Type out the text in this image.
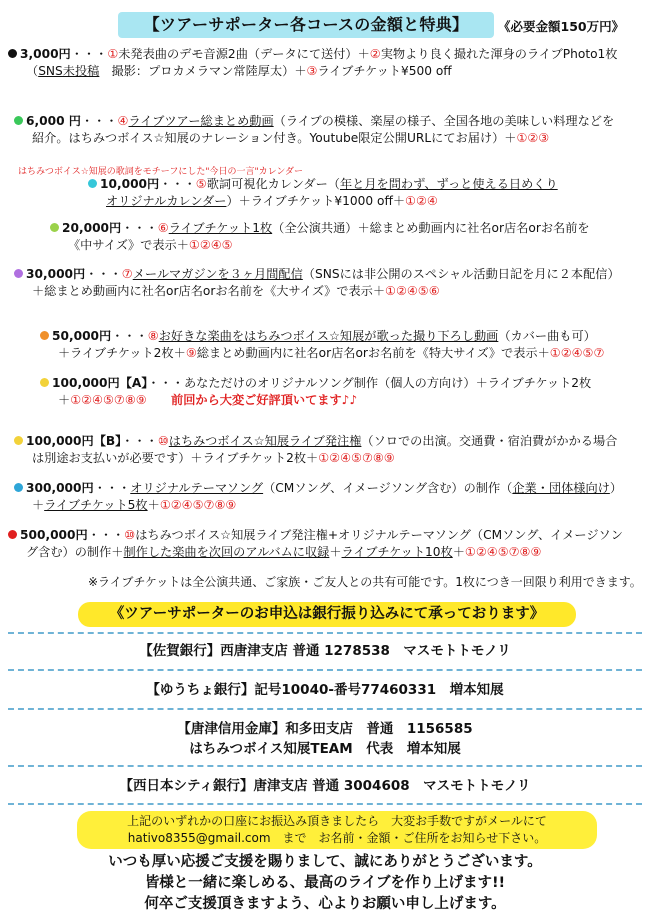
【ツアーサポーター各コースの金額と特典】	《必要金額150万円》
3,000円・・・①未発表曲のデモ音源2曲（データにて送付）＋②実物より良く撮れた渾身のライブPhoto1枚
（SNS未投稿　撮影：プロカメラマン常陸厚太）＋③ライブチケット¥500 off
6,000 円・・・④ライブツアー総まとめ動画（ライブの模様、楽屋の様子、全国各地の美味しい料理などを
紹介。はちみつボイス☆知展のナレーション付き。Youtube限定公開URLにてお届け）＋①②③
はちみつボイス☆知展の歌詞をモチーフにした"今日の一言"カレンダー
10,000円・・・⑤歌詞可視化カレンダー（年と月を問わず、ずっと使える日めくり
オリジナルカレンダー）＋ライブチケット¥1000 off＋①②④
20,000円・・・⑥ライブチケット1枚（全公演共通）＋総まとめ動画内に社名or店名orお名前を
《中サイズ》で表示＋①②④⑤
30,000円・・・⑦メールマガジンを３ヶ月間配信（SNSには非公開のスペシャル活動日記を月に２本配信）
＋総まとめ動画内に社名or店名orお名前を《大サイズ》で表示＋①②④⑤⑥
50,000円・・・⑧お好きな楽曲をはちみつボイス☆知展が歌った撮り下ろし動画（カバー曲も可）
＋ライブチケット2枚＋⑨総まとめ動画内に社名or店名orお名前を《特大サイズ》で表示＋①②④⑤⑦
100,000円【A】・・・あなただけのオリジナルソング制作（個人の方向け）＋ライブチケット2枚
＋①②④⑤⑦⑧⑨　　前回から大変ご好評頂いてます♪♪
100,000円【B】・・・⑩はちみつボイス☆知展ライブ発注権（ソロでの出演。交通費・宿泊費がかかる場合
は別途お支払いが必要です）＋ライブチケット2枚＋①②④⑤⑦⑧⑨
300,000円・・・オリジナルテーマソング（CMソング、イメージソング含む）の制作（企業・団体様向け）
＋ライブチケット5枚＋①②④⑤⑦⑧⑨
500,000円・・・⑩はちみつボイス☆知展ライブ発注権+オリジナルテーマソング（CMソング、イメージソン
グ含む）の制作＋制作した楽曲を次回のアルバムに収録＋ライブチケット10枚＋①②④⑤⑦⑧⑨
※ライブチケットは全公演共通、ご家族・ご友人との共有可能です。1枚につき一回限り利用できます。
《ツアーサポーターのお申込は銀行振り込みにて承っております》
【佐賀銀行】西唐津支店 普通 1278538　マスモトトモノリ
【ゆうちょ銀行】記号10040-番号77460331　増本知展
【唐津信用金庫】和多田支店　普通　1156585
はちみつボイス知展TEAM　代表　増本知展
【西日本シティ銀行】唐津支店 普通 3004608　マスモトトモノリ
上記のいずれかの口座にお振込み頂きましたら　大変お手数ですがメールにて
hativo8355@gmail.com　まで　お名前・金額・ご住所をお知らせ下さい。
いつも厚い応援ご支援を賜りまして、誠にありがとうございます。
皆様と一緒に楽しめる、最高のライブを作り上げます!!
何卒ご支援頂きますよう、心よりお願い申し上げます。
